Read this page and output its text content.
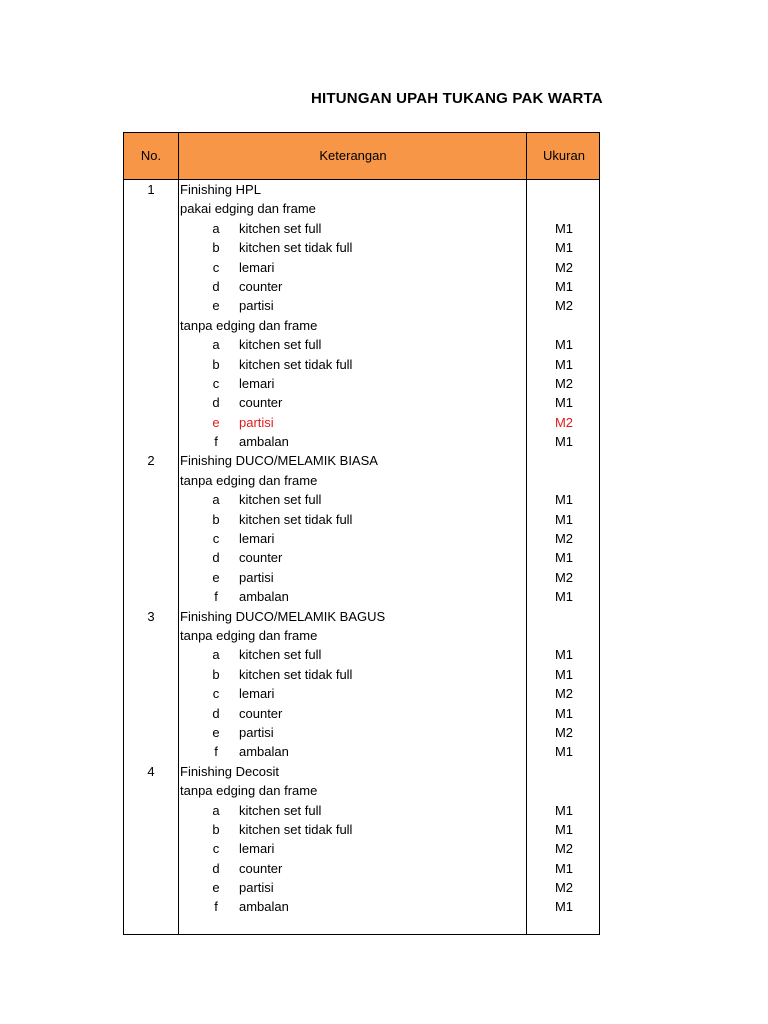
HITUNGAN UPAH TUKANG PAK WARTA
No.	Keterangan	Ukuran
1	Finishing HPL
pakai edging dan frame
a	kitchen set full	M1
b	kitchen set tidak full	M1
c	lemari	M2
d	counter	M1
e	partisi	M2
tanpa edging dan frame
a	kitchen set full	M1
b	kitchen set tidak full	M1
c	lemari	M2
d	counter	M1
e	partisi	M2
f	ambalan	M1
2	Finishing DUCO/MELAMIK BIASA
tanpa edging dan frame
a	kitchen set full	M1
b	kitchen set tidak full	M1
c	lemari	M2
d	counter	M1
e	partisi	M2
f	ambalan	M1
3	Finishing DUCO/MELAMIK BAGUS
tanpa edging dan frame
a	kitchen set full	M1
b	kitchen set tidak full	M1
c	lemari	M2
d	counter	M1
e	partisi	M2
f	ambalan	M1
4	Finishing Decosit
tanpa edging dan frame
a	kitchen set full	M1
b	kitchen set tidak full	M1
c	lemari	M2
d	counter	M1
e	partisi	M2
f	ambalan	M1
